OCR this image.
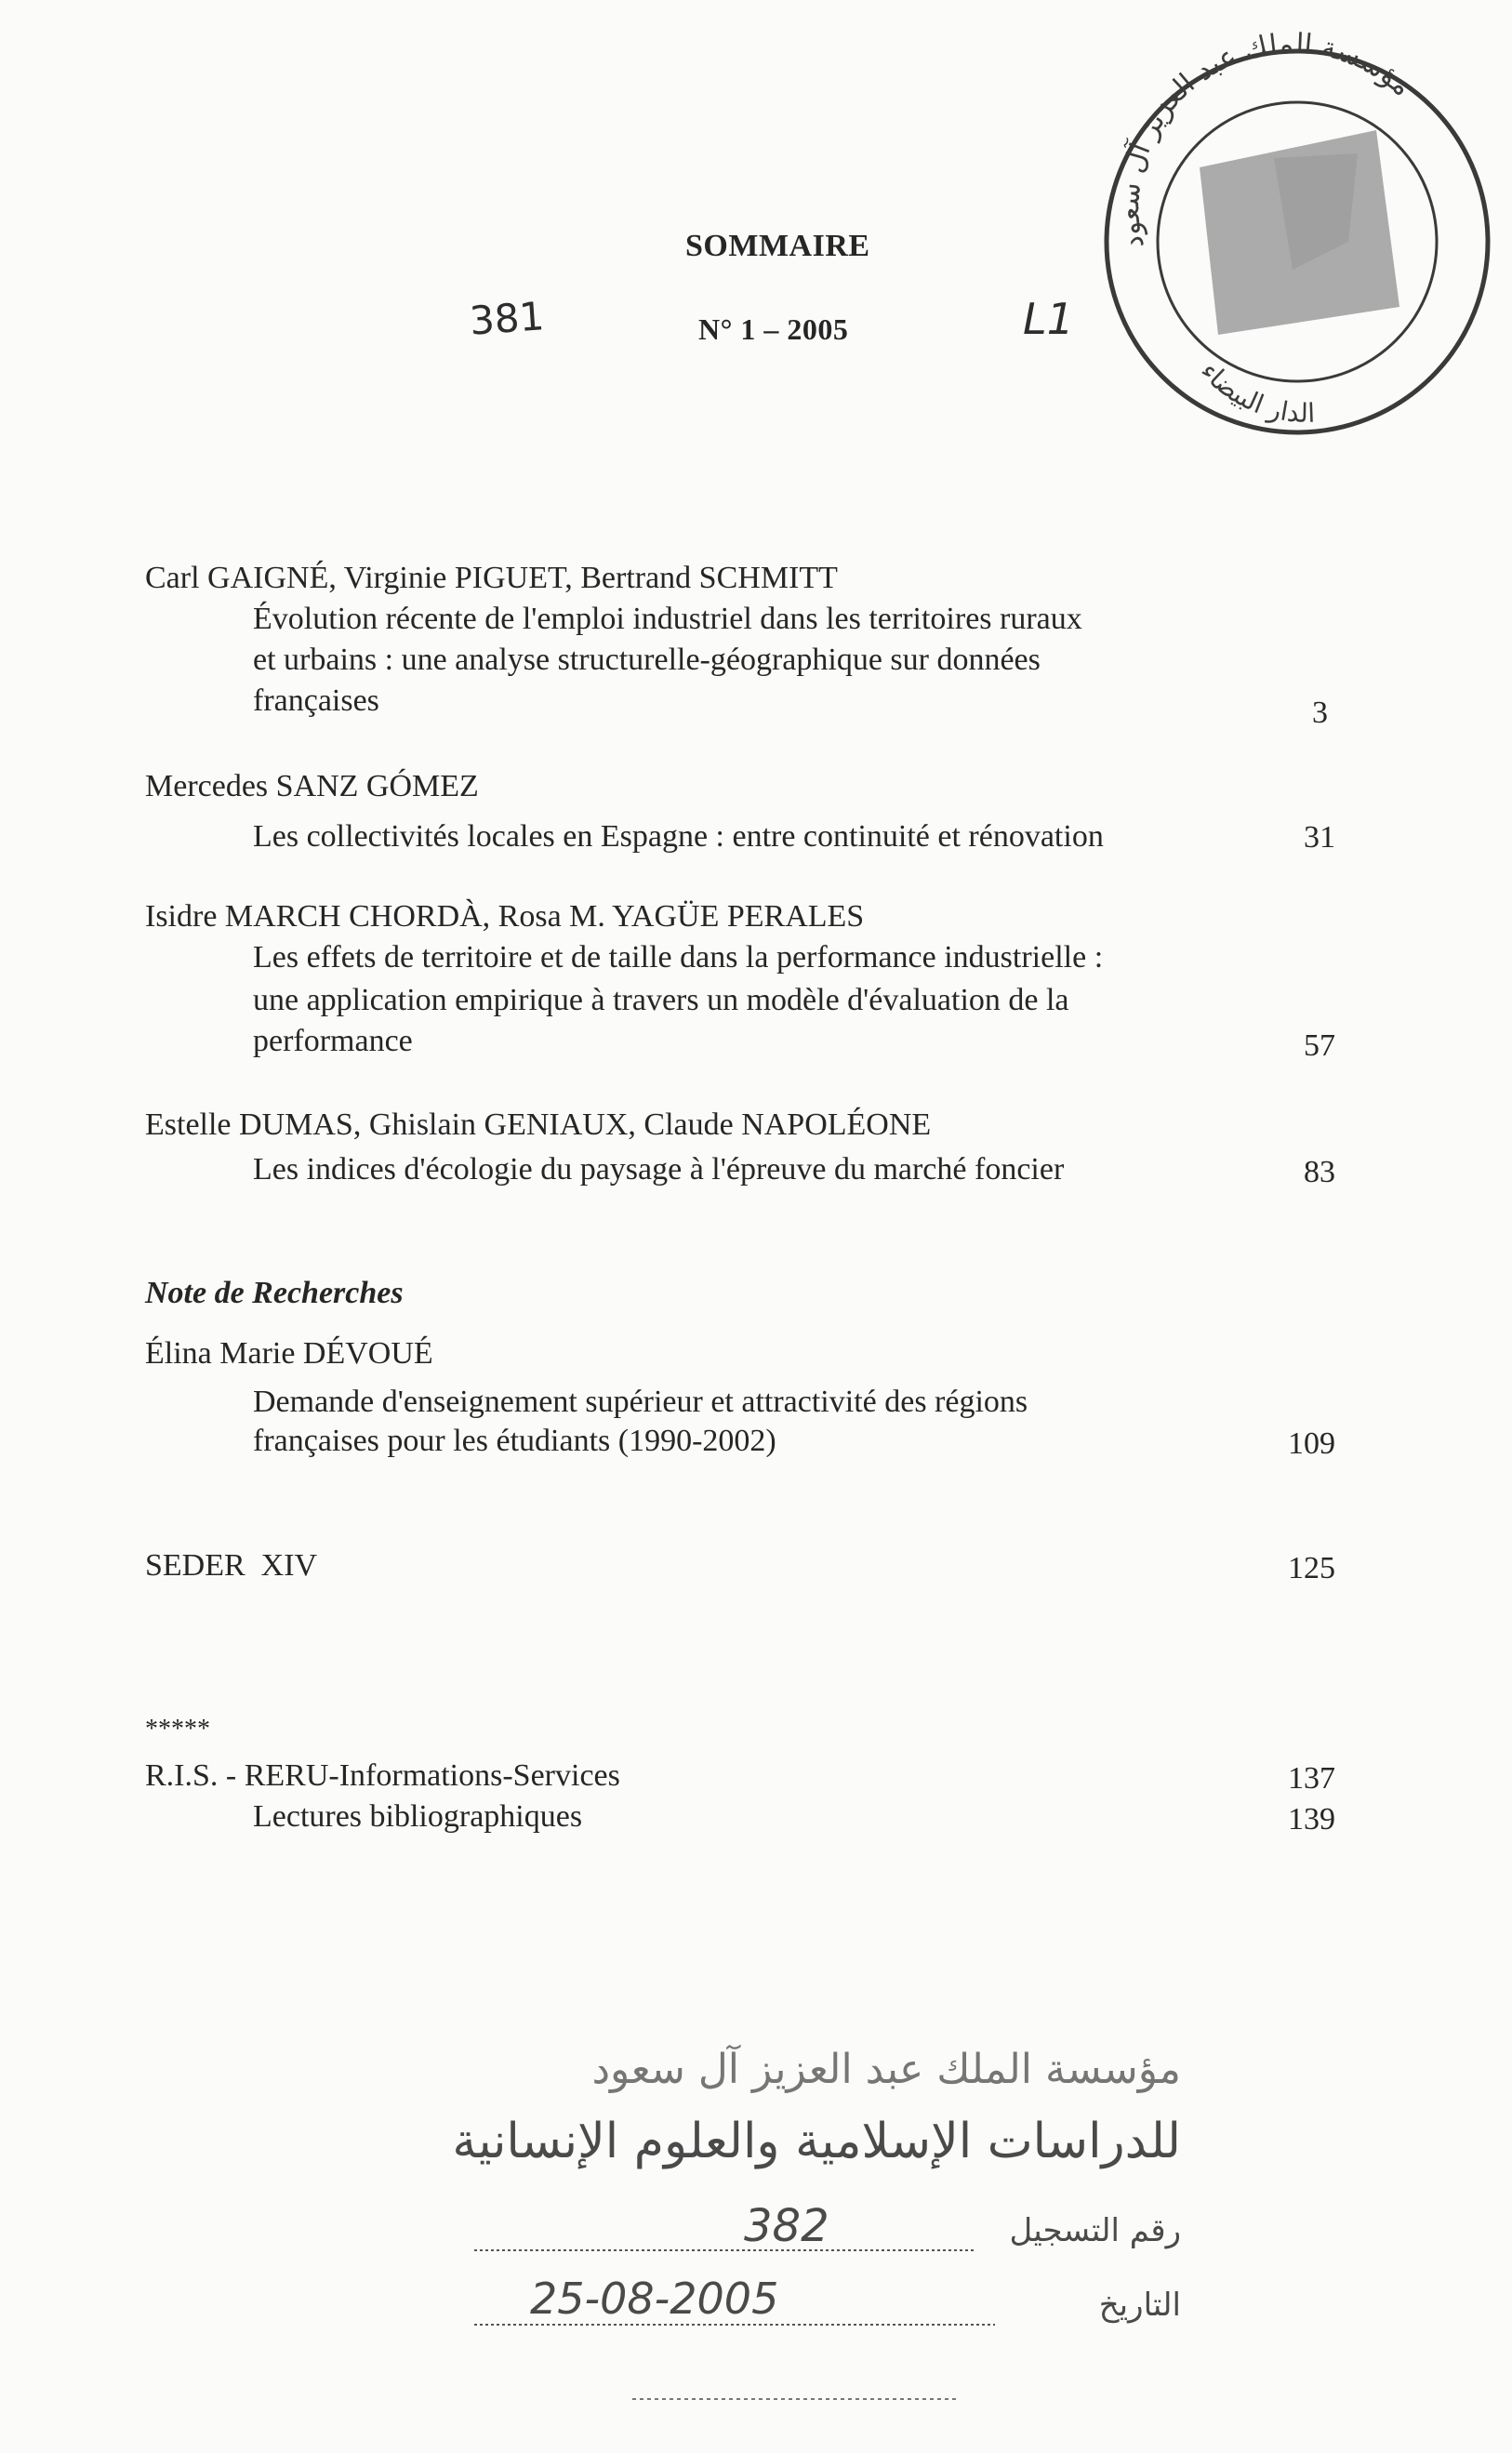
SOMMAIRE
N° 1 – 2005
381	L1
مؤسسة الملك عبد العزيز آل سعود
الدار البيضاء
Carl GAIGNÉ, Virginie PIGUET, Bertrand SCHMITT
Évolution récente de l'emploi industriel dans les territoires ruraux
et urbains : une analyse structurelle-géographique sur données
françaises	3
Mercedes SANZ GÓMEZ
Les collectivités locales en Espagne : entre continuité et rénovation	31
Isidre MARCH CHORDÀ, Rosa M. YAGÜE PERALES
Les effets de territoire et de taille dans la performance industrielle :
une application empirique à travers un modèle d'évaluation de la
performance	57
Estelle DUMAS, Ghislain GENIAUX, Claude NAPOLÉONE
Les indices d'écologie du paysage à l'épreuve du marché foncier	83
Note de Recherches
Élina Marie DÉVOUÉ
Demande d'enseignement supérieur et attractivité des régions
françaises pour les étudiants (1990-2002)	109
SEDER  XIV	125
*****
R.I.S. - RERU-Informations-Services	137
Lectures bibliographiques	139
مؤسسة الملك عبد العزيز آل سعود
للدراسات الإسلامية والعلوم الإنسانية
رقم التسجيل
382
التاريخ
25-08-2005
